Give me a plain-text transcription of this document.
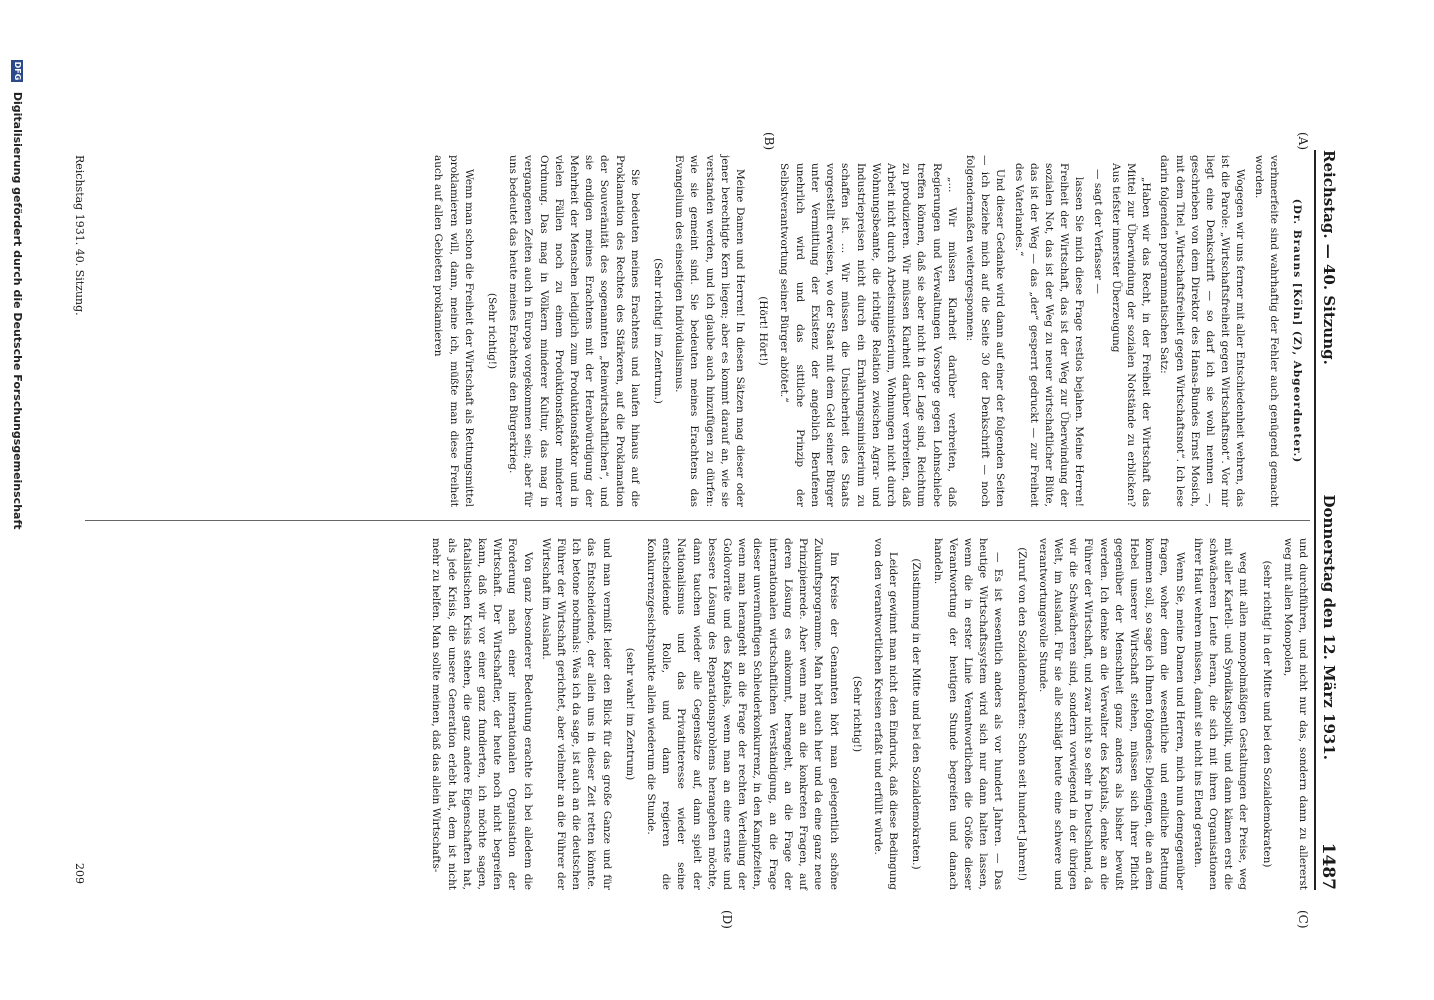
Reichstag. — 40. Sitzung.
Donnerstag den 12. März 1931.
1487
(A)
(B)
(C)
(D)

(Dr. Brauns [Köln] (Z), Abgeordneter.)

verhmerfeite sind wahrhaftig der Fehler auch genügend gemacht worden.

Wogegen wir uns ferner mit aller Entschiedenheit wehren, das ist die Parole: „Wirtschaftsfreiheit gegen Wirtschaftsnot“. Vor mir liegt eine Denkschrift — so darf ich sie wohl nennen —, geschrieben von dem Direktor des Hansa-Bundes Ernst Mosich, mit dem Titel „Wirtschaftsfreiheit gegen Wirtschaftsnot“. Ich lese darin folgenden programmatischen Satz:

„Haben wir das Recht, in der Freiheit der Wirtschaft das Mittel zur Überwindung der sozialen Notstände zu erblicken? Aus tiefster innerster Überzeugung

— sagt der Verfasser —

lassen Sie mich diese Frage restlos bejahen. Meine Herren! Freiheit der Wirtschaft, das ist der Weg zur Überwindung der sozialen Not, das ist der Weg zu neuer wirtschaftlicher Blüte, das ist der Weg — das „der“ gesperrt gedruckt — zur Freiheit des Vaterlandes.“

Und dieser Gedanke wird dann auf einer der folgenden Seiten — ich beziehe mich auf die Seite 30 der Denkschrift — noch folgendermaßen weitergesponnen:

„... Wir müssen Klarheit darüber verbreiten, daß Regierungen und Verwaltungen Vorsorge gegen Lohnschiebe treffen können, daß sie aber nicht in der Lage sind, Reichtum zu produzieren. Wir müssen Klarheit darüber verbreiten, daß Arbeit nicht durch Arbeitsministerium, Wohnungen nicht durch Wohnungsbeamte, die richtige Relation zwischen Agrar- und Industriepreisen nicht durch ein Ernährungsministerium zu schaffen ist. ... Wir müssen die Unsicherheit des Staats vorgestellt erweisen, wo der Staat mit dem Geld seiner Bürger unter Vermittlung der Existenz der angeblich Berufenen unehrlich wird und das sittliche Prinzip der Selbstverantwortung seiner Bürger abtötet.“

(Hört! Hört!)

Meine Damen und Herren! In diesen Sätzen mag dieser oder jener berechtigte Kern liegen; aber es kommt darauf an, wie sie verstanden werden, und ich glaube auch hinzufügen zu dürfen: wie sie gemeint sind. Sie bedeuten meines Erachtens das Evangelium des einseitigen Individualismus.

(Sehr richtig! im Zentrum.)

Sie bedeuten meines Erachtens und laufen hinaus auf die Proklamation des Rechtes des Stärkeren, auf die Proklamation der Souveränität des sogenannten „Reinwirtschaftlichen“, und sie endigen meines Erachtens mit der Herabwürdigung der Mehrheit der Menschen lediglich zum Produktionsfaktor und in vielen Fällen noch zu einem Produktionsfaktor minderer Ordnung. Das mag in Völkern minderer Kultur, das mag in vergangenen Zeiten auch in Europa vorgekommen sein; aber für uns bedeutet das heute meines Erachtens den Bürgerkrieg.

(Sehr richtig!)

Wenn man schon die Freiheit der Wirtschaft als Rettungsmittel proklamieren will, dann, meine ich, müßte man diese Freiheit auch auf allen Gebieten proklamieren

und durchführen, und nicht nur das, sondern dann zu allererst weg mit allen Monopolen,

(sehr richtig! in der Mitte und bei den Sozialdemokraten)

weg mit allen monopolmäßigen Gestaltungen der Preise, weg mit aller Kartell- und Syndikatspolitik, und dann kämen erst die schwächeren Leute heran, die sich mit ihren Organisationen ihrer Haut wehren müssen, damit sie nicht ins Elend geraten.

Wenn Sie, meine Damen und Herren, mich nun demgegenüber fragen, woher denn die wesentliche und endliche Rettung kommen soll, so sage ich Ihnen folgendes: Diejenigen, die an dem Hebel unserer Wirtschaft stehen, müssen sich ihrer Pflicht gegenüber der Menschheit ganz anders als bisher bewußt werden. Ich denke an die Verwalter des Kapitals, denke an die Führer der Wirtschaft, und zwar nicht so sehr in Deutschland, da wir die Schwächeren sind, sondern vorwiegend in der übrigen Welt, im Ausland. Für sie alle schlägt heute eine schwere und verantwortungsvolle Stunde.

(Zuruf von den Sozialdemokraten: Schon seit hundert Jahren!)

— Es ist wesentlich anders als vor hundert Jahren. — Das heutige Wirtschaftssystem wird sich nur dann halten lassen, wenn die in erster Linie Verantwortlichen die Größe dieser Verantwortung der heutigen Stunde begreifen und danach handeln.

(Zustimmung in der Mitte und bei den Sozialdemokraten.)

Leider gewinnt man nicht den Eindruck, daß diese Bedingung von den verantwortlichen Kreisen erfaßt und erfüllt würde.

(Sehr richtig!)

Im Kreise der Genannten hört man gelegentlich schöne Zukunftsprogramme. Man hört auch hier und da eine ganz neue Prinzipienrede. Aber wenn man an die konkreten Fragen, auf deren Lösung es ankommt, herangeht, an die Frage der internationalen wirtschaftlichen Verständigung, an die Frage dieser unvernünftigen Schleuderkonkurrenz, in den Kampfzeiten, wenn man herangeht an die Frage der rechten Verteilung der Goldvorräte und des Kapitals, wenn man an eine ernste und bessere Lösung des Reparationsproblems herangehen möchte, dann tauchen wieder alle Gegensätze auf, dann spielt der Nationalismus und das Privatinteresse wieder seine entscheidende Rolle, und dann regieren die Konkurrenzgesichtspunkte allein wiederum die Stunde.

(sehr wahr! im Zentrum)

und man vermißt leider den Blick für das große Ganze und für das Entscheidende, der allein uns in dieser Zeit retten könnte. Ich betone nochmals: Was ich da sage, ist auch an die deutschen Führer der Wirtschaft gerichtet, aber vielmehr an die Führer der Wirtschaft im Ausland.

Von ganz besonderer Bedeutung erachte ich bei alledem die Forderung nach einer internationalen Organisation der Wirtschaft. Der Wirtschaftler, der heute noch nicht begreifen kann, daß wir vor einer ganz fundierten, ich möchte sagen, fatalistischen Krisis stehen, die ganz andere Eigenschaften hat, als jede Krisis, die unsere Generation erlebt hat, dem ist nicht mehr zu helfen. Man sollte meinen, daß das allein Wirtschafts-

Reichstag 1931. 40. Sitzung.
209
DFG Digitalisierung gefördert durch die Deutsche Forschungsgemeinschaft
